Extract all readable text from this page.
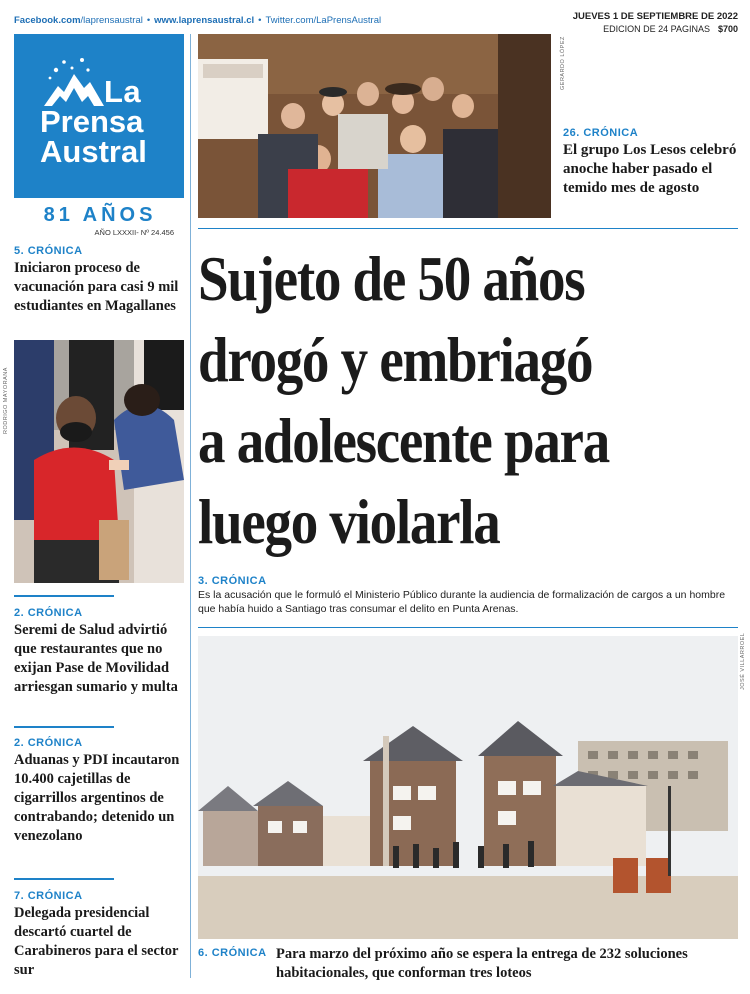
Facebook.com/laprensaustral • www.laprensaustral.cl • Twitter.com/LaPrensAustral	JUEVES 1 DE SEPTIEMBRE DE 2022
EDICION DE 24 PAGINAS $700
La
Prensa
Austral
81 AÑOS
AÑO LXXXII- Nº 24.456
5. CRÓNICA
Iniciaron proceso de vacunación para casi 9 mil estudiantes en Magallanes
RODRIGO MAYORANA
2. CRÓNICA
Seremi de Salud advirtió que restaurantes que no exijan Pase de Movilidad arriesgan sumario y multa
2. CRÓNICA
Aduanas y PDI incautaron 10.400 cajetillas de cigarrillos argentinos de contrabando; detenido un venezolano
7. CRÓNICA
Delegada presidencial descartó cuartel de Carabineros para el sector sur
GERARDO LÓPEZ
26. CRÓNICA
El grupo Los Lesos celebró anoche haber pasado el temido mes de agosto
Sujeto de 50 años
drogó y embriagó
a adolescente para
luego violarla
3. CRÓNICA
Es la acusación que le formuló el Ministerio Público durante la audiencia de formalización de cargos a un hombre que había huido a Santiago tras consumar el delito en Punta Arenas.
JOSÉ VILLARROEL
6. CRÓNICA Para marzo del próximo año se espera la entrega de 232 soluciones habitacionales, que conforman tres loteos
